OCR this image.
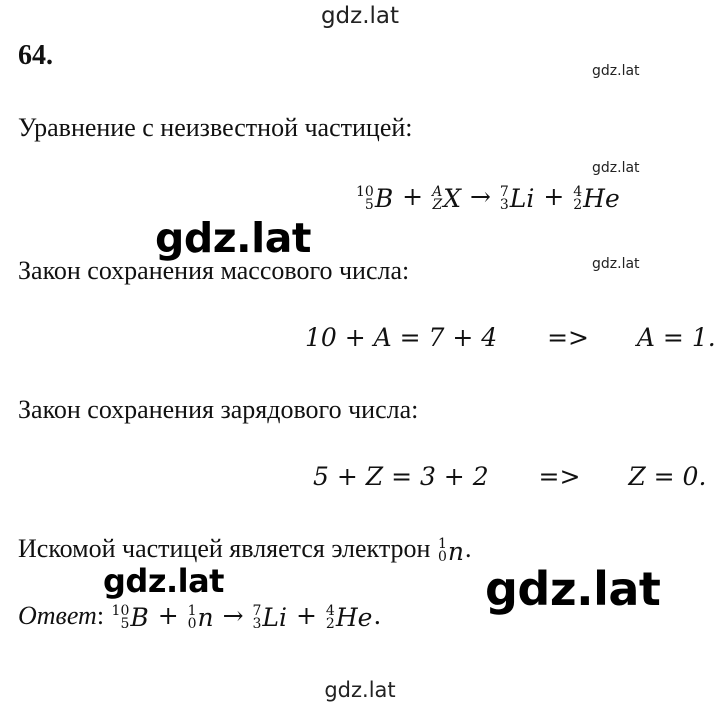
gdz.lat
64.	gdz.lat
Уравнение с неизвестной частицей:
gdz.lat
10
5 B + A
Z X → 7
3 Li + 4
2 He
gdz.lat
Закон сохранения массового числа:	gdz.lat
10 + A = 7 + 4 => A = 1.
Закон сохранения зарядового числа:
5 + Z = 3 + 2 => Z = 0.
Искомой частицей является электрон 1
0 n .
gdz.lat	gdz.lat
Ответ: 10
5 B + 1
0 n → 7
3 Li + 4
2 He .
gdz.lat
